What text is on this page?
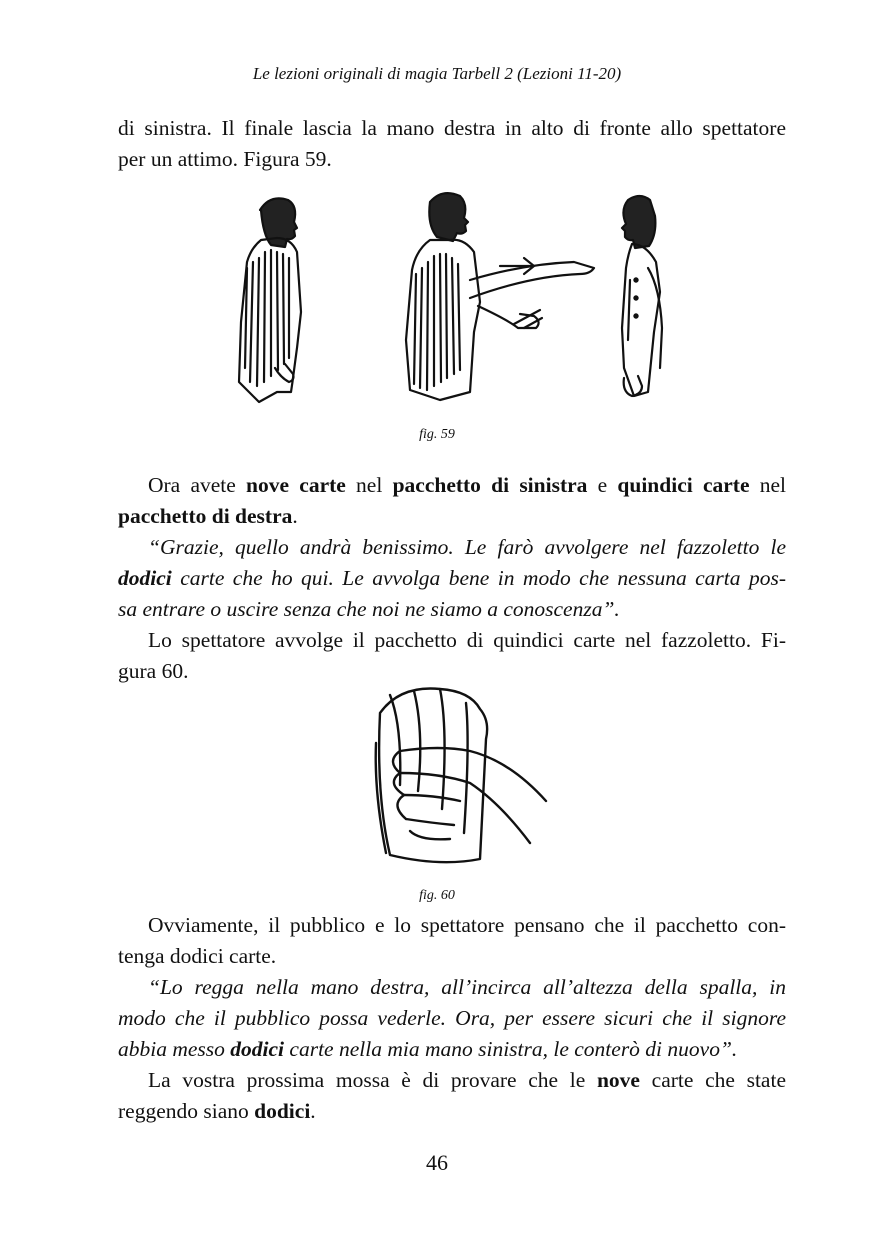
Le lezioni originali di magia Tarbell 2 (Lezioni 11-20)

di sinistra. Il finale lascia la mano destra in alto di fronte allo spettatore
per un attimo. Figura 59.

fig. 59

Ora avete nove carte nel pacchetto di sinistra e quindici carte nel

pacchetto di destra.

“Grazie, quello andrà benissimo. Le farò avvolgere nel fazzoletto le

dodici carte che ho qui. Le avvolga bene in modo che nessuna carta pos-
sa entrare o uscire senza che noi ne siamo a conoscenza”.

Lo spettatore avvolge il pacchetto di quindici carte nel fazzoletto. Fi-

gura 60.

fig. 60

Ovviamente, il pubblico e lo spettatore pensano che il pacchetto con-

tenga dodici carte.

“Lo regga nella mano destra, all’incirca all’altezza della spalla, in

modo che il pubblico possa vederle. Ora, per essere sicuri che il signore
abbia messo dodici carte nella mia mano sinistra, le conterò di nuovo”.

La vostra prossima mossa è di provare che le nove carte che state

reggendo siano dodici.

46
